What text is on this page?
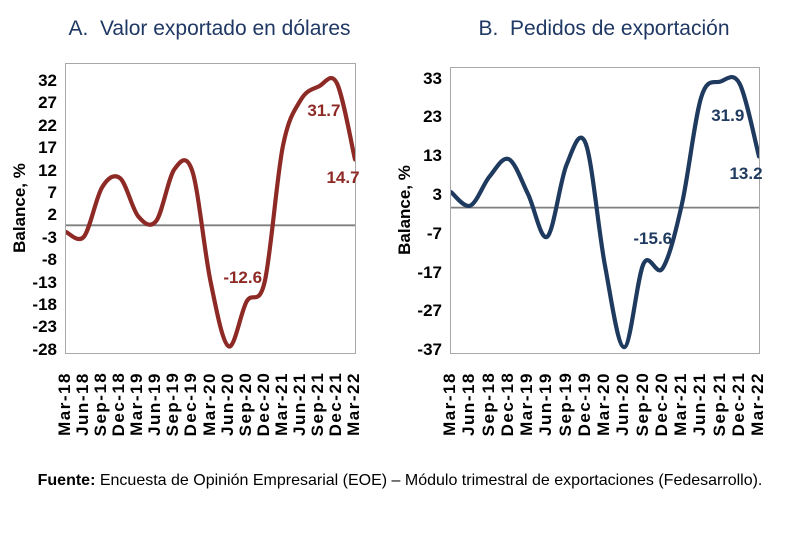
A.  Valor exportado en dólares
Balance, %
31.7
14.7
-12.6
32
27
22
17
12
7
2
-3
-8
-13
-18
-23
-28
Mar-18 Jun-18 Sep-18 Dec-18 Mar-19 Jun-19 Sep-19 Dec-19 Mar-20 Jun-20 Sep-20 Dec-20 Mar-21 Jun-21 Sep-21 Dec-21 Mar-22
B.  Pedidos de exportación
Balance, %
31.9
13.2
-15.6
33
23
13
3
-7
-17
-27
-37
Mar-18 Jun-18 Sep-18 Dec-18 Mar-19 Jun-19 Sep-19 Dec-19 Mar-20 Jun-20 Sep-20 Dec-20 Mar-21 Jun-21 Sep-21 Dec-21 Mar-22

Fuente: Encuesta de Opinión Empresarial (EOE) – Módulo trimestral de exportaciones (Fedesarrollo).
